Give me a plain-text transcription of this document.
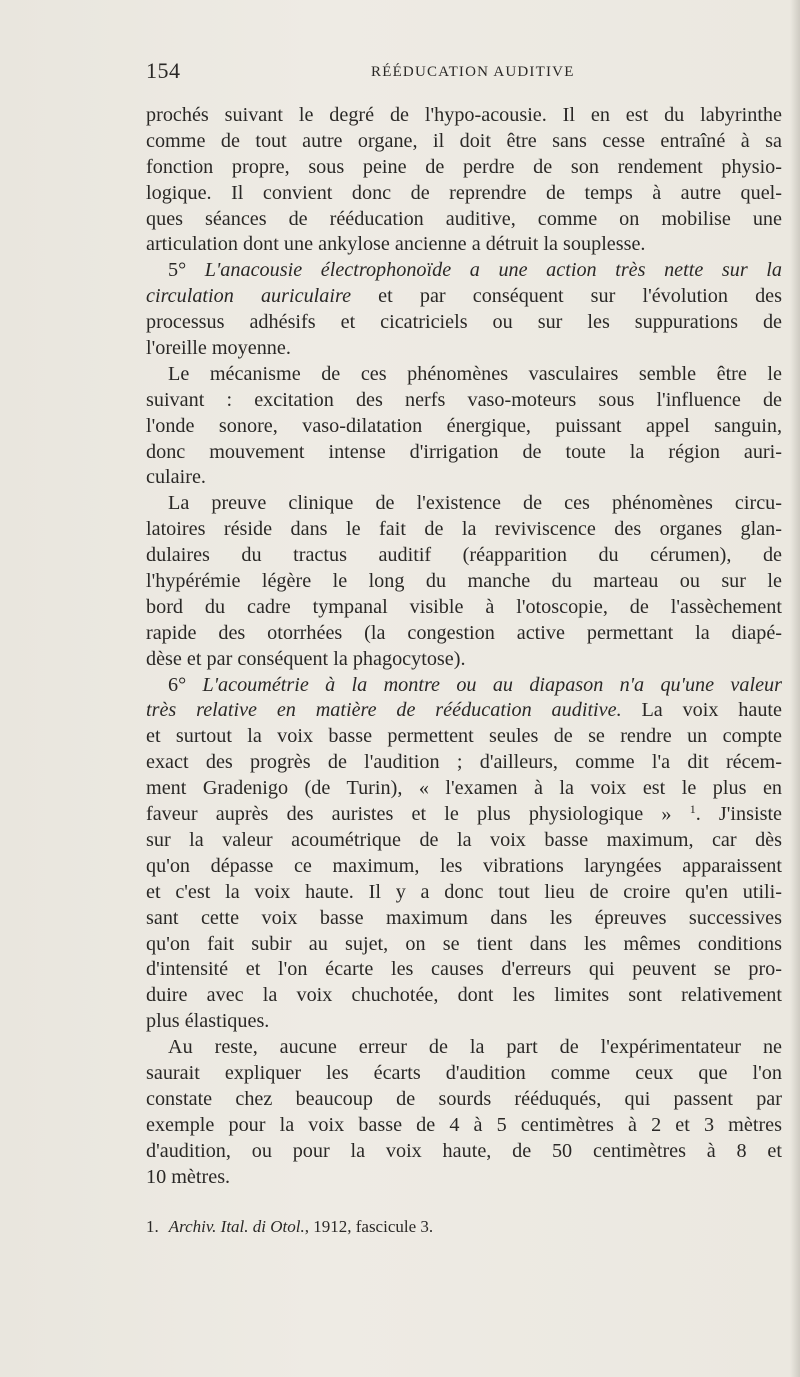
154	RÉÉDUCATION AUDITIVE
prochés suivant le degré de l'hypo-acousie. Il en est du labyrinthe
comme de tout autre organe, il doit être sans cesse entraîné à sa
fonction propre, sous peine de perdre de son rendement physio-
logique. Il convient donc de reprendre de temps à autre quel-
ques séances de rééducation auditive, comme on mobilise une
articulation dont une ankylose ancienne a détruit la souplesse.
5° L'anacousie électrophonoïde a une action très nette sur la
circulation auriculaire et par conséquent sur l'évolution des
processus adhésifs et cicatriciels ou sur les suppurations de
l'oreille moyenne.
Le mécanisme de ces phénomènes vasculaires semble être le
suivant : excitation des nerfs vaso-moteurs sous l'influence de
l'onde sonore, vaso-dilatation énergique, puissant appel sanguin,
donc mouvement intense d'irrigation de toute la région auri-
culaire.
La preuve clinique de l'existence de ces phénomènes circu-
latoires réside dans le fait de la reviviscence des organes glan-
dulaires du tractus auditif (réapparition du cérumen), de
l'hypérémie légère le long du manche du marteau ou sur le
bord du cadre tympanal visible à l'otoscopie, de l'assèchement
rapide des otorrhées (la congestion active permettant la diapé-
dèse et par conséquent la phagocytose).
6° L'acoumétrie à la montre ou au diapason n'a qu'une valeur
très relative en matière de rééducation auditive. La voix haute
et surtout la voix basse permettent seules de se rendre un compte
exact des progrès de l'audition ; d'ailleurs, comme l'a dit récem-
ment Gradenigo (de Turin), « l'examen à la voix est le plus en
faveur auprès des auristes et le plus physiologique » $^1$. J'insiste
sur la valeur acoumétrique de la voix basse maximum, car dès
qu'on dépasse ce maximum, les vibrations laryngées apparaissent
et c'est la voix haute. Il y a donc tout lieu de croire qu'en utili-
sant cette voix basse maximum dans les épreuves successives
qu'on fait subir au sujet, on se tient dans les mêmes conditions
d'intensité et l'on écarte les causes d'erreurs qui peuvent se pro-
duire avec la voix chuchotée, dont les limites sont relativement
plus élastiques.
Au reste, aucune erreur de la part de l'expérimentateur ne
saurait expliquer les écarts d'audition comme ceux que l'on
constate chez beaucoup de sourds rééduqués, qui passent par
exemple pour la voix basse de 4 à 5 centimètres à 2 et 3 mètres
d'audition, ou pour la voix haute, de 50 centimètres à 8 et
10 mètres.
1. Archiv. Ital. di Otol., 1912, fascicule 3.
